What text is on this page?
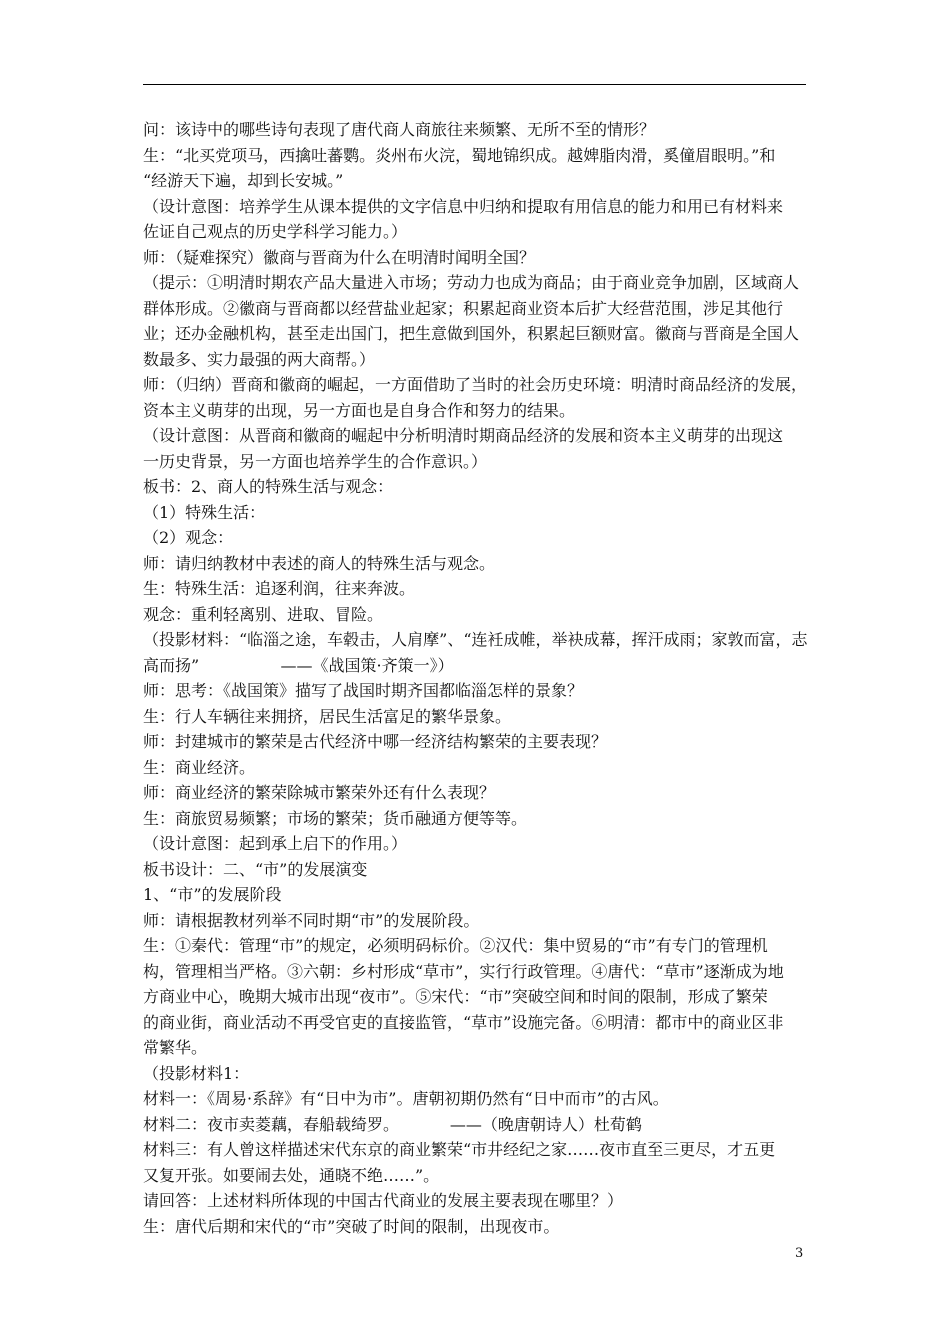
问：该诗中的哪些诗句表现了唐代商人商旅往来频繁、无所不至的情形？
生：“北买党项马，西擒吐蕃鹦。炎州布火浣，蜀地锦织成。越婢脂肉滑，奚僮眉眼明。”和
“经游天下遍，却到长安城。”
（设计意图：培养学生从课本提供的文字信息中归纳和提取有用信息的能力和用已有材料来
佐证自己观点的历史学科学习能力。）
师：（疑难探究）徽商与晋商为什么在明清时闻明全国？
（提示：①明清时期农产品大量进入市场；劳动力也成为商品；由于商业竞争加剧，区域商人
群体形成。②徽商与晋商都以经营盐业起家；积累起商业资本后扩大经营范围，涉足其他行
业；还办金融机构，甚至走出国门，把生意做到国外，积累起巨额财富。徽商与晋商是全国人
数最多、实力最强的两大商帮。）
师：（归纳）晋商和徽商的崛起，一方面借助了当时的社会历史环境：明清时商品经济的发展，
资本主义萌芽的出现，另一方面也是自身合作和努力的结果。
（设计意图：从晋商和徽商的崛起中分析明清时期商品经济的发展和资本主义萌芽的出现这
一历史背景，另一方面也培养学生的合作意识。）
板书：2、商人的特殊生活与观念：
（1）特殊生活：
（2）观念：
师：请归纳教材中表述的商人的特殊生活与观念。
生：特殊生活：追逐利润，往来奔波。
观念：重利轻离别、进取、冒险。
（投影材料：“临淄之途，车毂击，人肩摩”、“连衽成帷，举袂成幕，挥汗成雨；家敦而富，志
高而扬”                ——《战国策·齐策一》）
师：思考：《战国策》描写了战国时期齐国都临淄怎样的景象？
生：行人车辆往来拥挤，居民生活富足的繁华景象。
师：封建城市的繁荣是古代经济中哪一经济结构繁荣的主要表现？
生：商业经济。
师：商业经济的繁荣除城市繁荣外还有什么表现？
生：商旅贸易频繁；市场的繁荣；货币融通方便等等。
（设计意图：起到承上启下的作用。）
板书设计：二、“市”的发展演变
1、“市”的发展阶段
师：请根据教材列举不同时期“市”的发展阶段。
生：①秦代：管理“市”的规定，必须明码标价。②汉代：集中贸易的“市”有专门的管理机
构，管理相当严格。③六朝：乡村形成“草市”，实行行政管理。④唐代：“草市”逐渐成为地
方商业中心，晚期大城市出现“夜市”。⑤宋代：“市”突破空间和时间的限制，形成了繁荣
的商业街，商业活动不再受官吏的直接监管，“草市”设施完备。⑥明清：都市中的商业区非
常繁华。
（投影材料1：
材料一：《周易·系辞》有“日中为市”。唐朝初期仍然有“日中而市”的古风。
材料二：夜市卖菱藕，春船载绮罗。          ——（晚唐朝诗人）杜荀鹤
材料三：有人曾这样描述宋代东京的商业繁荣“市井经纪之家……夜市直至三更尽，才五更
又复开张。如要闹去处，通晓不绝……”。
请回答：上述材料所体现的中国古代商业的发展主要表现在哪里？）
生：唐代后期和宋代的“市”突破了时间的限制，出现夜市。
3
